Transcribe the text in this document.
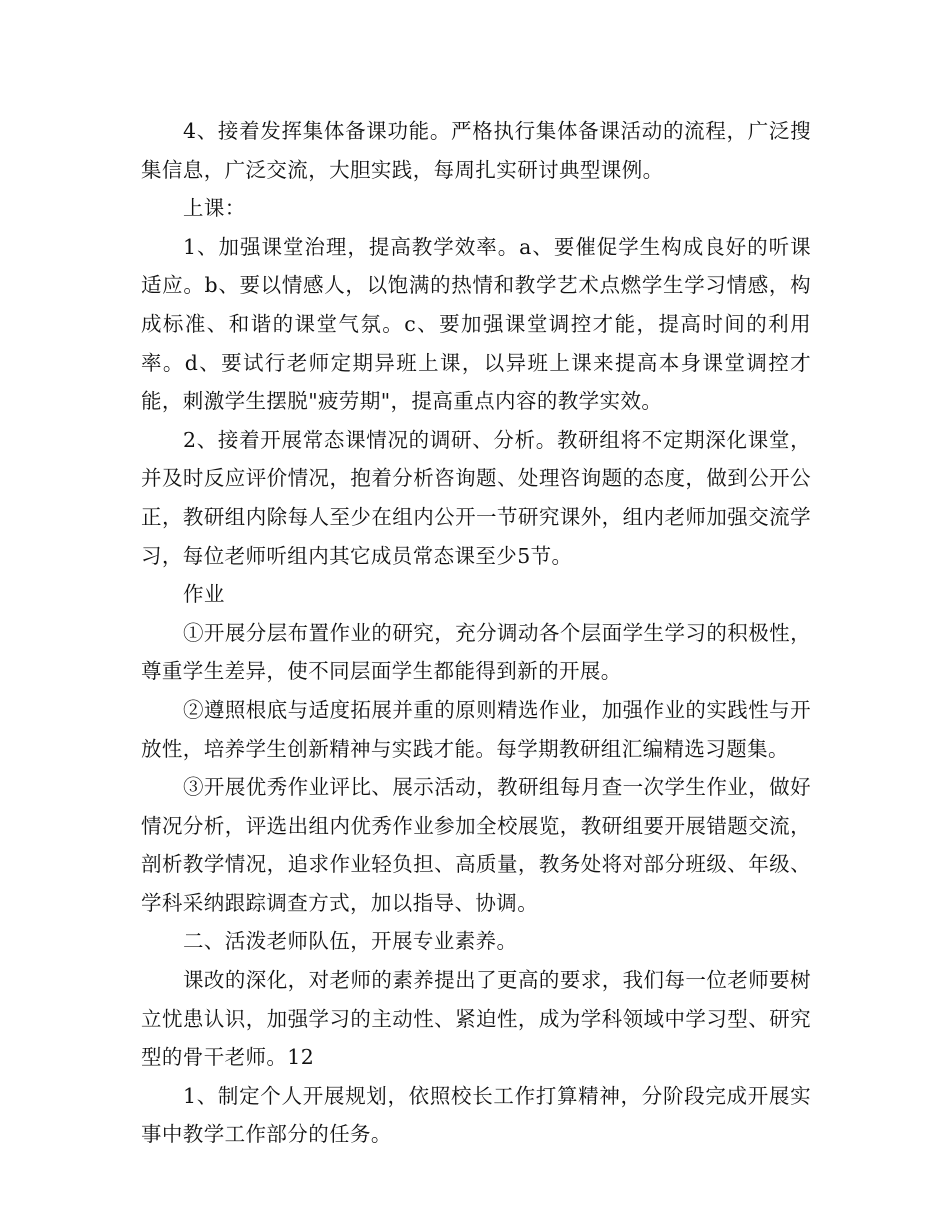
4、接着发挥集体备课功能。严格执行集体备课活动的流程，广泛搜集信息，广泛交流，大胆实践，每周扎实研讨典型课例。

上课：

1、加强课堂治理，提高教学效率。a、要催促学生构成良好的听课适应。b、要以情感人，以饱满的热情和教学艺术点燃学生学习情感，构成标准、和谐的课堂气氛。c、要加强课堂调控才能，提高时间的利用率。d、要试行老师定期异班上课，以异班上课来提高本身课堂调控才能，刺激学生摆脱"疲劳期"，提高重点内容的教学实效。

2、接着开展常态课情况的调研、分析。教研组将不定期深化课堂，并及时反应评价情况，抱着分析咨询题、处理咨询题的态度，做到公开公正，教研组内除每人至少在组内公开一节研究课外，组内老师加强交流学习，每位老师听组内其它成员常态课至少5节。

作业

①开展分层布置作业的研究，充分调动各个层面学生学习的积极性，尊重学生差异，使不同层面学生都能得到新的开展。

②遵照根底与适度拓展并重的原则精选作业，加强作业的实践性与开放性，培养学生创新精神与实践才能。每学期教研组汇编精选习题集。

③开展优秀作业评比、展示活动，教研组每月查一次学生作业，做好情况分析，评选出组内优秀作业参加全校展览，教研组要开展错题交流，剖析教学情况，追求作业轻负担、高质量，教务处将对部分班级、年级、学科采纳跟踪调查方式，加以指导、协调。

二、活泼老师队伍，开展专业素养。

课改的深化，对老师的素养提出了更高的要求，我们每一位老师要树立忧患认识，加强学习的主动性、紧迫性，成为学科领域中学习型、研究型的骨干老师。12

1、制定个人开展规划，依照校长工作打算精神，分阶段完成开展实事中教学工作部分的任务。
